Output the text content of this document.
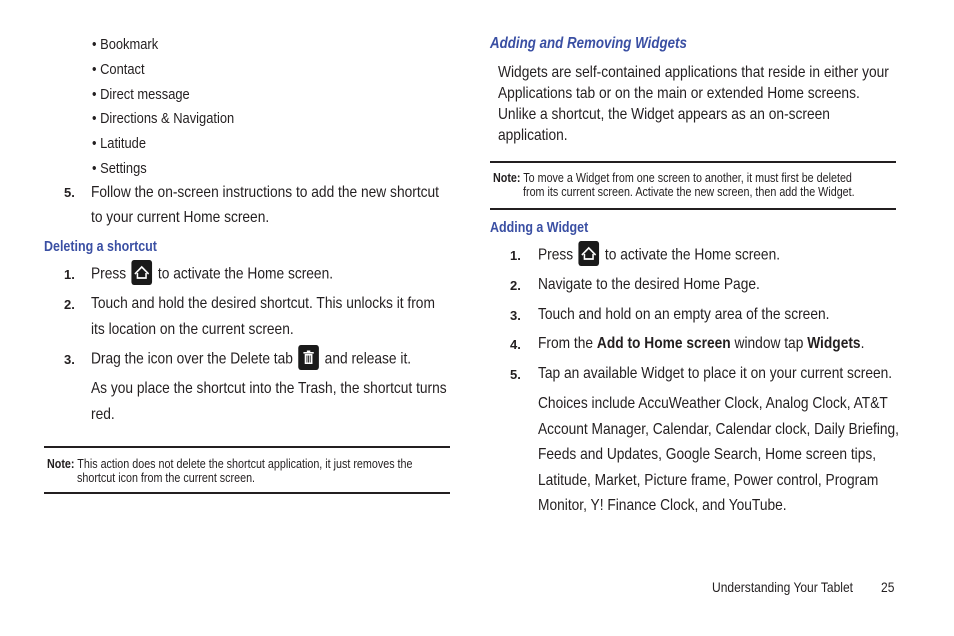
• Bookmark
• Contact
• Direct message
• Directions & Navigation
• Latitude
• Settings
5. Follow the on-screen instructions to add the new shortcut
to your current Home screen.
Deleting a shortcut
1. Press to activate the Home screen.
2. Touch and hold the desired shortcut. This unlocks it from
its location on the current screen.
3. Drag the icon over the Delete tab and release it.
As you place the shortcut into the Trash, the shortcut turns
red.
Note: This action does not delete the shortcut application, it just removes the
shortcut icon from the current screen.
Adding and Removing Widgets
Widgets are self-contained applications that reside in either your
Applications tab or on the main or extended Home screens.
Unlike a shortcut, the Widget appears as an on-screen
application.
Note: To move a Widget from one screen to another, it must first be deleted
from its current screen. Activate the new screen, then add the Widget.
Adding a Widget
1. Press to activate the Home screen.
2. Navigate to the desired Home Page.
3. Touch and hold on an empty area of the screen.
4. From the Add to Home screen window tap Widgets.
5. Tap an available Widget to place it on your current screen.
Choices include AccuWeather Clock, Analog Clock, AT&T
Account Manager, Calendar, Calendar clock, Daily Briefing,
Feeds and Updates, Google Search, Home screen tips,
Latitude, Market, Picture frame, Power control, Program
Monitor, Y! Finance Clock, and YouTube.
Understanding Your Tablet	25
